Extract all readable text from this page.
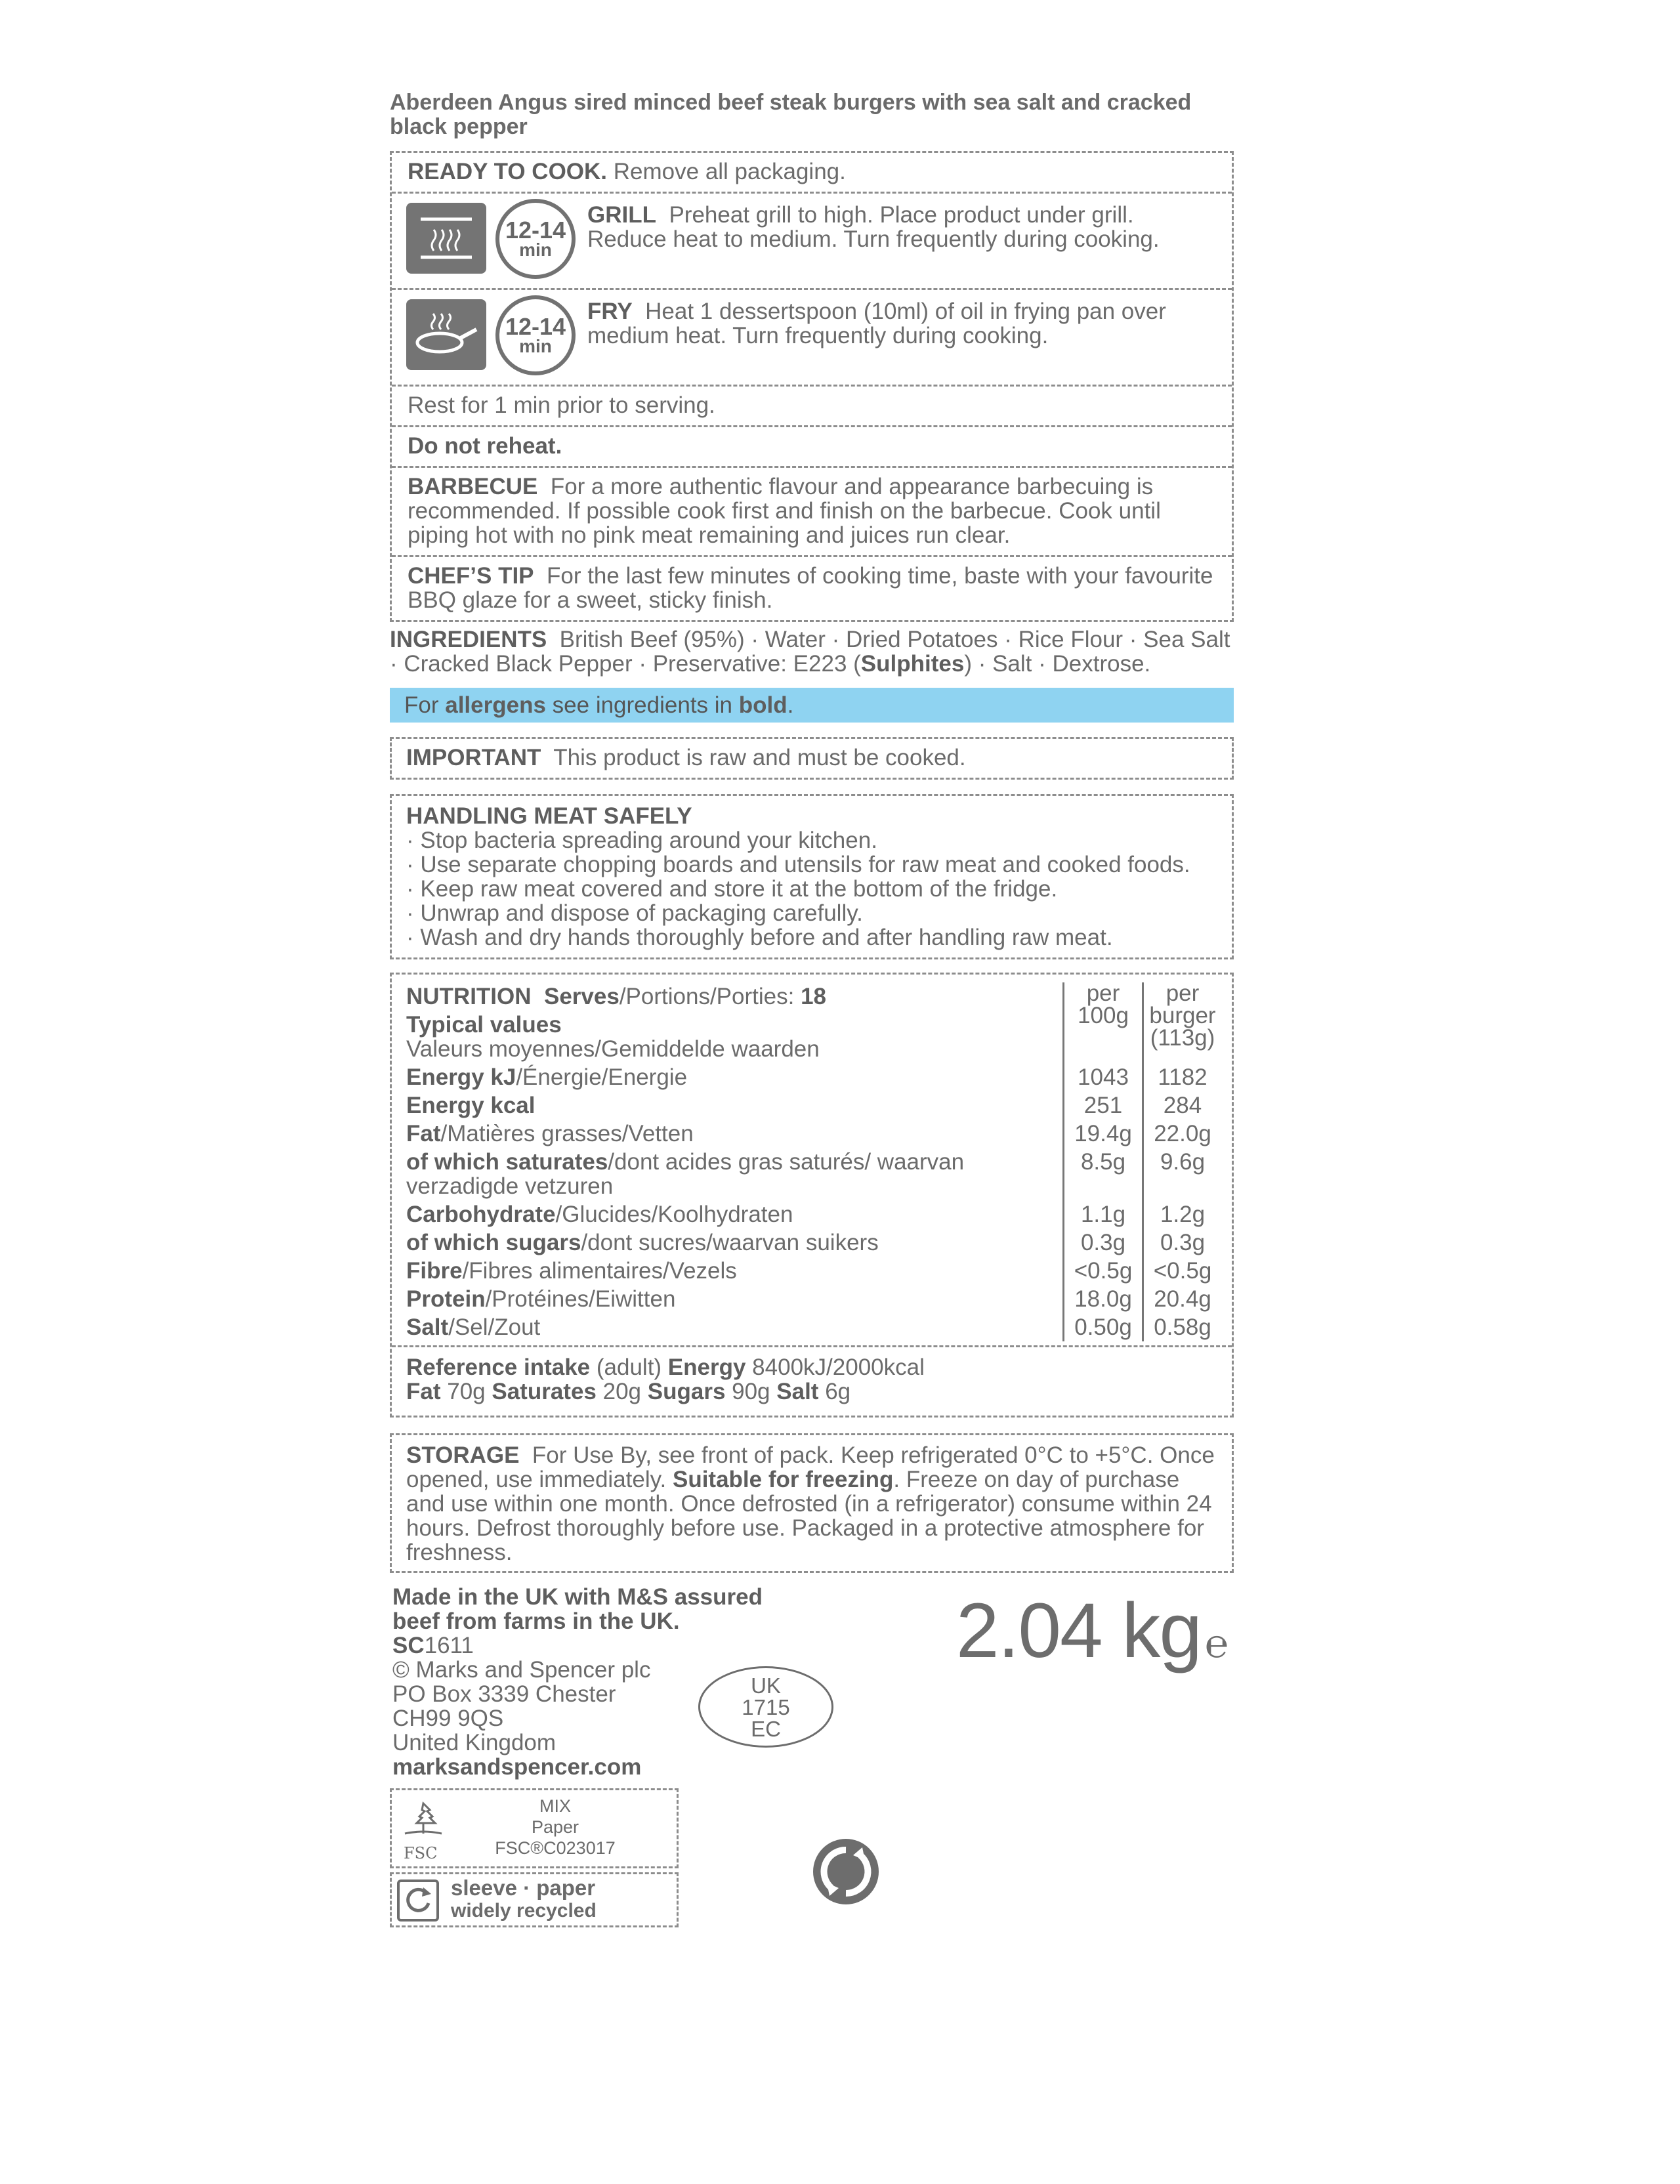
Aberdeen Angus sired minced beef steak burgers with sea salt and cracked black pepper
READY TO COOK. Remove all packaging.
12-14
min
GRILL Preheat grill to high. Place product under grill. Reduce heat to medium. Turn frequently during cooking.
12-14
min
FRY Heat 1 dessertspoon (10ml) of oil in frying pan over medium heat. Turn frequently during cooking.
Rest for 1 min prior to serving.
Do not reheat.
BARBECUE For a more authentic flavour and appearance barbecuing is recommended. If possible cook first and finish on the barbecue. Cook until piping hot with no pink meat remaining and juices run clear.
CHEF’S TIP For the last few minutes of cooking time, baste with your favourite BBQ glaze for a sweet, sticky finish.
INGREDIENTS British Beef (95%) · Water · Dried Potatoes · Rice Flour · Sea Salt · Cracked Black Pepper · Preservative: E223 (Sulphites) · Salt · Dextrose.
For allergens see ingredients in bold.
IMPORTANT This product is raw and must be cooked.
HANDLING MEAT SAFELY
· Stop bacteria spreading around your kitchen.
· Use separate chopping boards and utensils for raw meat and cooked foods.
· Keep raw meat covered and store it at the bottom of the fridge.
· Unwrap and dispose of packaging carefully.
· Wash and dry hands thoroughly before and after handling raw meat.
NUTRITION Serves/Portions/Porties: 18
Typical values
Valeurs moyennes/Gemiddelde waarden	per 100g	per burger (113g)
Energy kJ/Énergie/Energie	1043	1182
Energy kcal	251	284
Fat/Matières grasses/Vetten	19.4g	22.0g
of which saturates/dont acides gras saturés/ waarvan verzadigde vetzuren	8.5g	9.6g
Carbohydrate/Glucides/Koolhydraten	1.1g	1.2g
of which sugars/dont sucres/waarvan suikers	0.3g	0.3g
Fibre/Fibres alimentaires/Vezels	<0.5g	<0.5g
Protein/Protéines/Eiwitten	18.0g	20.4g
Salt/Sel/Zout	0.50g	0.58g
Reference intake (adult) Energy 8400kJ/2000kcal
Fat 70g Saturates 20g Sugars 90g Salt 6g
STORAGE For Use By, see front of pack. Keep refrigerated 0°C to +5°C. Once opened, use immediately. Suitable for freezing. Freeze on day of purchase and use within one month. Once defrosted (in a refrigerator) consume within 24 hours. Defrost thoroughly before use. Packaged in a protective atmosphere for freshness.
Made in the UK with M&S assured beef from farms in the UK.
SC1611
© Marks and Spencer plc
PO Box 3339 Chester
CH99 9QS
United Kingdom
marksandspencer.com
UK
1715
EC
2.04 kg ℮
FSC
MIX
Paper
FSC®C023017
sleeve · paper
widely recycled
